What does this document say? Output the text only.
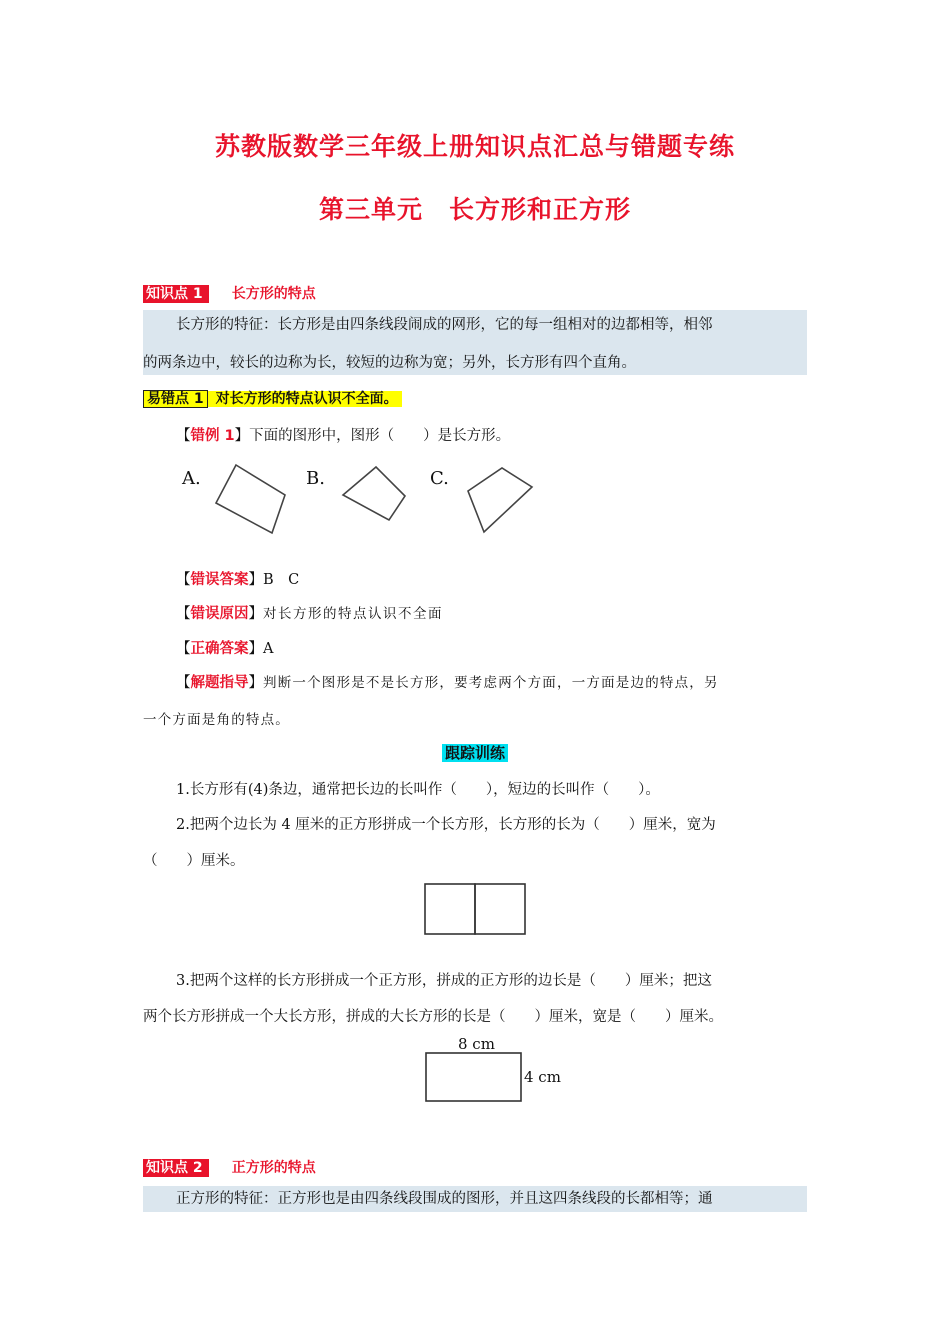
苏教版数学三年级上册知识点汇总与错题专练
第三单元　长方形和正方形
知识点 1 长方形的特点
长方形的特征：长方形是由四条线段闹成的网形，它的每一组相对的边都相等，相邻
的两条边中，较长的边称为长，较短的边称为宽；另外，长方形有四个直角。
易错点 1 对长方形的特点认识不全面。
【错例 1】下面的图形中，图形（　　）是长方形。
A.	B.	C.
【错误答案】B　C
【错误原因】对长方形的特点认识不全面
【正确答案】A
【解题指导】判断一个图形是不是长方形，要考虑两个方面，一方面是边的特点，另
一个方面是角的特点。
跟踪训练
1.长方形有(4)条边，通常把长边的长叫作（　　），短边的长叫作（　　）。
2.把两个边长为 4 厘米的正方形拼成一个长方形，长方形的长为（　　）厘米，宽为
（　　）厘米。
3.把两个这样的长方形拼成一个正方形，拼成的正方形的边长是（　　）厘米；把这
两个长方形拼成一个大长方形，拼成的大长方形的长是（　　）厘米，宽是（　　）厘米。
8 cm
4 cm
知识点 2 正方形的特点
正方形的特征：正方形也是由四条线段围成的图形，并且这四条线段的长都相等；通
